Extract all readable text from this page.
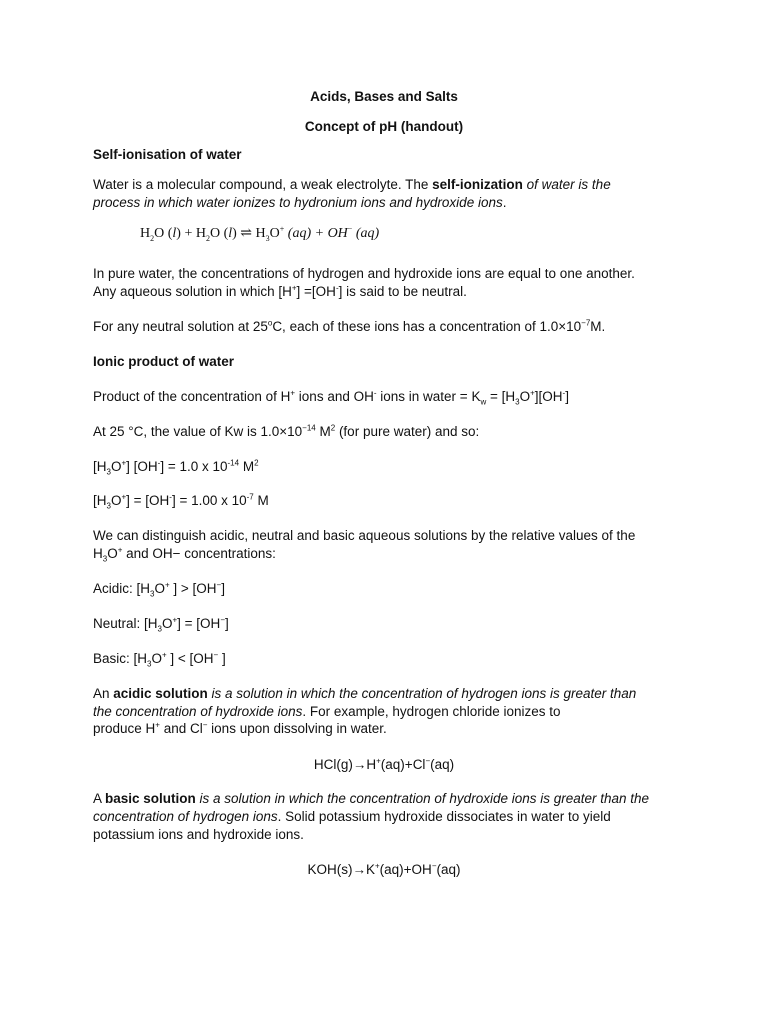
Acids, Bases and Salts
Concept of pH (handout)
Self-ionisation of water
Water is a molecular compound, a weak electrolyte. The self-ionization of water is the
process in which water ionizes to hydronium ions and hydroxide ions.
$H_2O$ $(l) + H_2O$ (l) ⇌ $H_3O^+$ (aq) + OH− (aq)
In pure water, the concentrations of hydrogen and hydroxide ions are equal to one another.
Any aqueous solution in which [H+] =[OH-] is said to be neutral.
For any neutral solution at 25$^o$C, each of these ions has a concentration of $1.0\times 10^{-7}M$.
Ionic product of water
Product of the concentration of H+ ions and OH- ions in water = $K_w = [H_3O^+][OH^-]$
At 25 °C, the value of Kw is $1.0\times 10^{-14}$ $M^2$ (for pure water) and so:
$[H_3O^+] [OH^-] = 1.0$ x $10^{-14}$ $M^2$
$[H_3O^+] = [OH^-] = 1.00$ x $10^{-7}$ M
We can distinguish acidic, neutral and basic aqueous solutions by the relative values of the
$H_3O^+$ and OH− concentrations:
Acidic: [$H_3O^+$ ] > [OH−]
Neutral: $[H_3O^+] = [OH^-]$
Basic: [$H_3O^+$ ] < [OH− ]
An acidic solution is a solution in which the concentration of hydrogen ions is greater than
the concentration of hydroxide ions. For example, hydrogen chloride ionizes to
produce H+ and Cl− ions upon dissolving in water.
HCl(g)→H+(aq)+Cl−(aq)
A basic solution is a solution in which the concentration of hydroxide ions is greater than the
concentration of hydrogen ions. Solid potassium hydroxide dissociates in water to yield
potassium ions and hydroxide ions.
KOH(s)→K+(aq)+OH−(aq)
